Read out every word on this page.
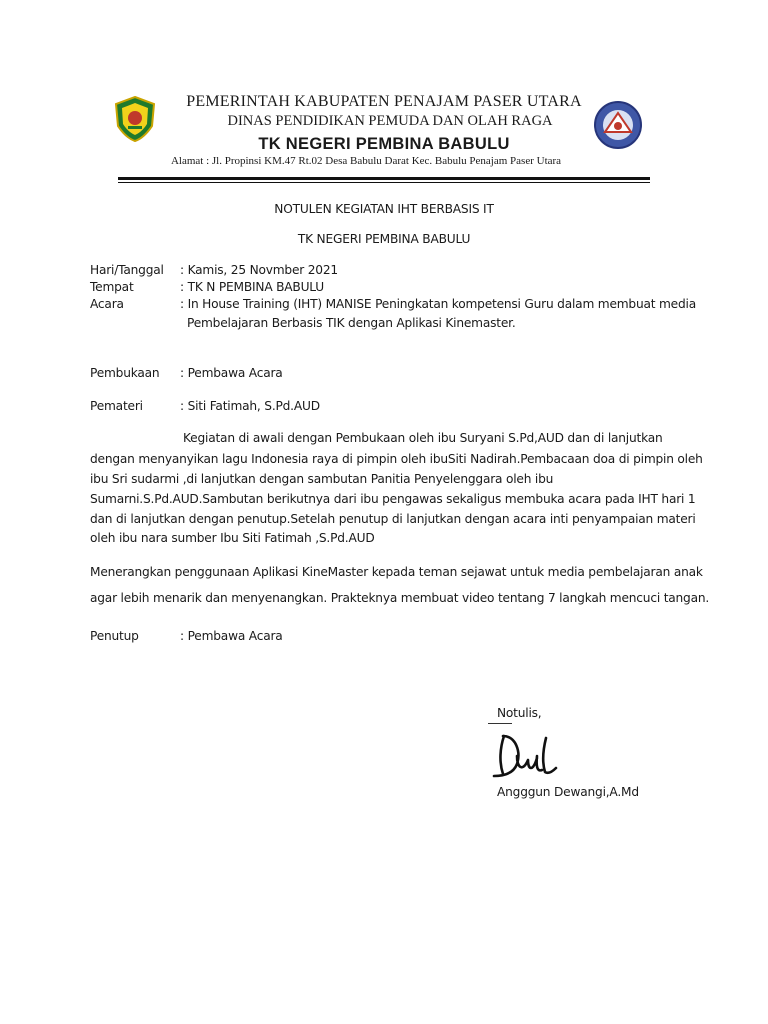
PEMERINTAH KABUPATEN PENAJAM PASER UTARA
DINAS PENDIDIKAN PEMUDA DAN OLAH RAGA
TK NEGERI PEMBINA BABULU
Alamat : Jl. Propinsi KM.47 Rt.02 Desa Babulu Darat Kec. Babulu Penajam Paser Utara
NOTULEN KEGIATAN IHT BERBASIS IT
TK NEGERI PEMBINA BABULU
Hari/Tanggal : Kamis, 25 Novmber 2021
Tempat	: TK N PEMBINA BABULU
Acara	: In House Training (IHT) MANISE Peningkatan kompetensi Guru dalam membuat media
Pembelajaran Berbasis TIK dengan Aplikasi Kinemaster.
Pembukaan : Pembawa Acara
Pemateri	: Siti Fatimah, S.Pd.AUD
Kegiatan di awali dengan Pembukaan oleh ibu Suryani S.Pd,AUD dan di lanjutkan
dengan menyanyikan lagu Indonesia raya di pimpin oleh ibuSiti Nadirah.Pembacaan doa di pimpin oleh
ibu Sri sudarmi ,di lanjutkan dengan sambutan Panitia Penyelenggara oleh ibu
Sumarni.S.Pd.AUD.Sambutan berikutnya dari ibu pengawas sekaligus membuka acara pada IHT hari 1
dan di lanjutkan dengan penutup.Setelah penutup di lanjutkan dengan acara inti penyampaian materi
oleh ibu nara sumber Ibu Siti Fatimah ,S.Pd.AUD
Menerangkan penggunaan Aplikasi KineMaster kepada teman sejawat untuk media pembelajaran anak
agar lebih menarik dan menyenangkan. Prakteknya membuat video tentang 7 langkah mencuci tangan.
Penutup	: Pembawa Acara
Notulis,
Angggun Dewangi,A.Md
